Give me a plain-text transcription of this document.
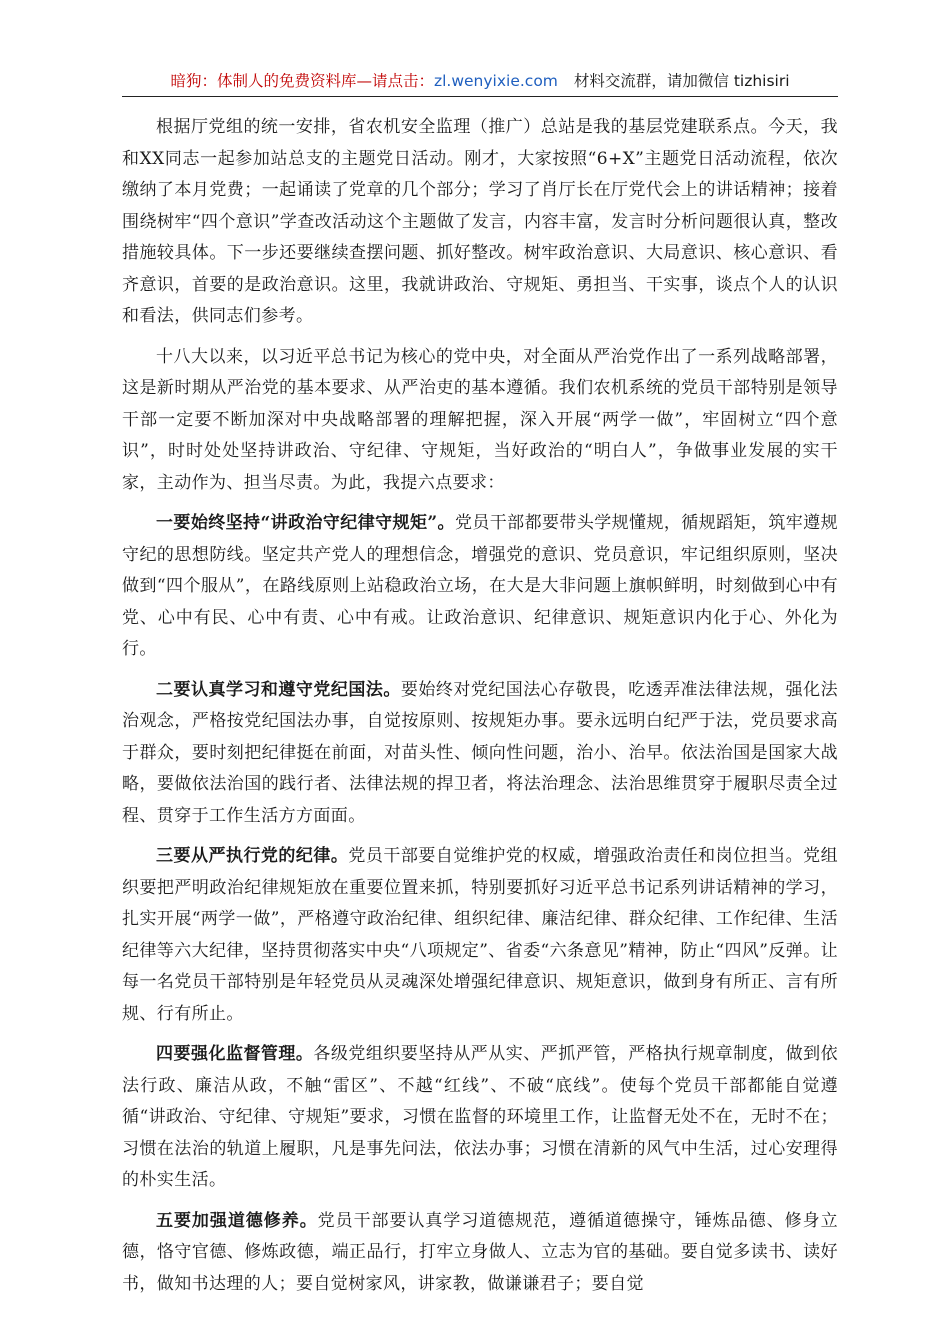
暗狗：体制人的免费资料库—请点击：zl.wenyixie.com 材料交流群，请加微信 tizhisiri

根据厅党组的统一安排，省农机安全监理（推广）总站是我的基层党建联系点。今天，我和XX同志一起参加站总支的主题党日活动。刚才，大家按照“6+X”主题党日活动流程，依次缴纳了本月党费；一起诵读了党章的几个部分；学习了肖厅长在厅党代会上的讲话精神；接着围绕树牢“四个意识”学查改活动这个主题做了发言，内容丰富，发言时分析问题很认真，整改措施较具体。下一步还要继续查摆问题、抓好整改。树牢政治意识、大局意识、核心意识、看齐意识，首要的是政治意识。这里，我就讲政治、守规矩、勇担当、干实事，谈点个人的认识和看法，供同志们参考。

十八大以来，以习近平总书记为核心的党中央，对全面从严治党作出了一系列战略部署，这是新时期从严治党的基本要求、从严治吏的基本遵循。我们农机系统的党员干部特别是领导干部一定要不断加深对中央战略部署的理解把握，深入开展“两学一做”，牢固树立“四个意识”，时时处处坚持讲政治、守纪律、守规矩，当好政治的“明白人”，争做事业发展的实干家，主动作为、担当尽责。为此，我提六点要求：

一要始终坚持“讲政治守纪律守规矩”。党员干部都要带头学规懂规，循规蹈矩，筑牢遵规守纪的思想防线。坚定共产党人的理想信念，增强党的意识、党员意识，牢记组织原则，坚决做到“四个服从”，在路线原则上站稳政治立场，在大是大非问题上旗帜鲜明，时刻做到心中有党、心中有民、心中有责、心中有戒。让政治意识、纪律意识、规矩意识内化于心、外化为行。

二要认真学习和遵守党纪国法。要始终对党纪国法心存敬畏，吃透弄准法律法规，强化法治观念，严格按党纪国法办事，自觉按原则、按规矩办事。要永远明白纪严于法，党员要求高于群众，要时刻把纪律挺在前面，对苗头性、倾向性问题，治小、治早。依法治国是国家大战略，要做依法治国的践行者、法律法规的捍卫者，将法治理念、法治思维贯穿于履职尽责全过程、贯穿于工作生活方方面面。

三要从严执行党的纪律。党员干部要自觉维护党的权威，增强政治责任和岗位担当。党组织要把严明政治纪律规矩放在重要位置来抓，特别要抓好习近平总书记系列讲话精神的学习，扎实开展“两学一做”，严格遵守政治纪律、组织纪律、廉洁纪律、群众纪律、工作纪律、生活纪律等六大纪律，坚持贯彻落实中央“八项规定”、省委“六条意见”精神，防止“四风”反弹。让每一名党员干部特别是年轻党员从灵魂深处增强纪律意识、规矩意识，做到身有所正、言有所规、行有所止。

四要强化监督管理。各级党组织要坚持从严从实、严抓严管，严格执行规章制度，做到依法行政、廉洁从政，不触“雷区”、不越“红线”、不破“底线”。使每个党员干部都能自觉遵循“讲政治、守纪律、守规矩”要求，习惯在监督的环境里工作，让监督无处不在，无时不在；习惯在法治的轨道上履职，凡是事先问法，依法办事；习惯在清新的风气中生活，过心安理得的朴实生活。

五要加强道德修养。党员干部要认真学习道德规范，遵循道德操守，锤炼品德、修身立德，恪守官德、修炼政德，端正品行，打牢立身做人、立志为官的基础。要自觉多读书、读好书，做知书达理的人；要自觉树家风，讲家教，做谦谦君子；要自觉
